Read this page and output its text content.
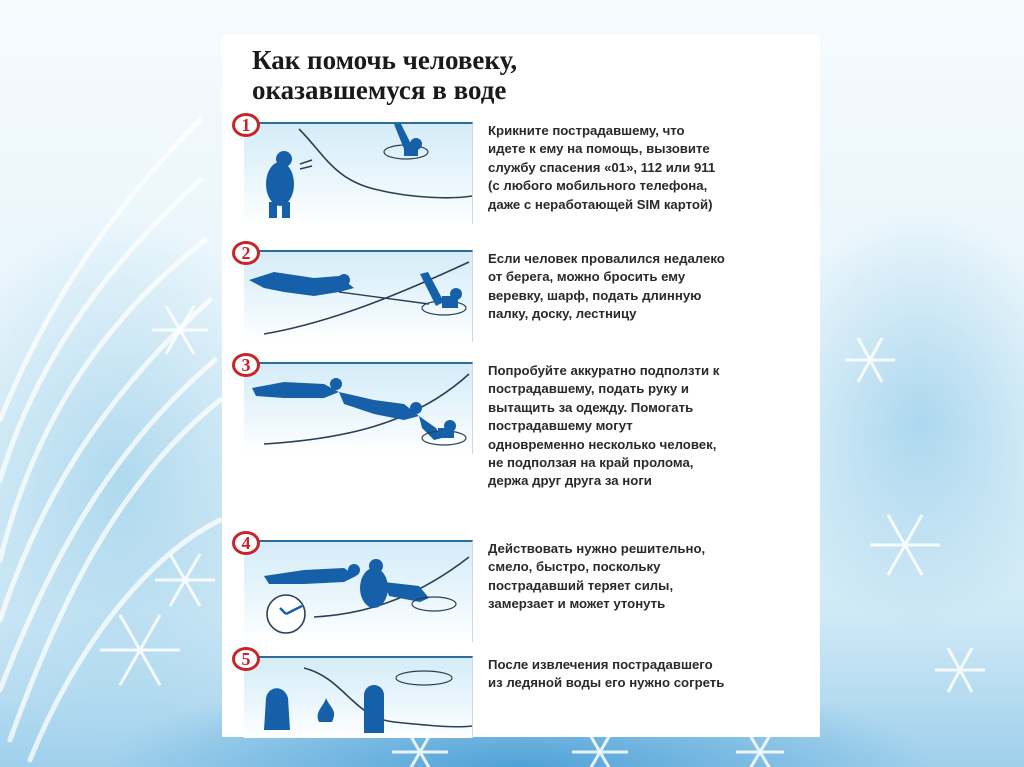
Как помочь человеку,
оказавшемуся в воде
1	Крикните пострадавшему, что
идете к ему на помощь, вызовите
службу спасения «01», 112 или 911
(с любого мобильного телефона,
даже с неработающей SIM картой)
2	Если человек провалился недалеко
от берега, можно бросить ему
веревку, шарф, подать длинную
палку, доску, лестницу
3	Попробуйте аккуратно подползти к
пострадавшему, подать руку и
вытащить за одежду. Помогать
пострадавшему могут
одновременно несколько человек,
не подползая на край пролома,
держа друг друга за ноги
4	Действовать нужно решительно,
смело, быстро, поскольку
пострадавший теряет силы,
замерзает и может утонуть
5	После извлечения пострадавшего
из ледяной воды его нужно согреть
